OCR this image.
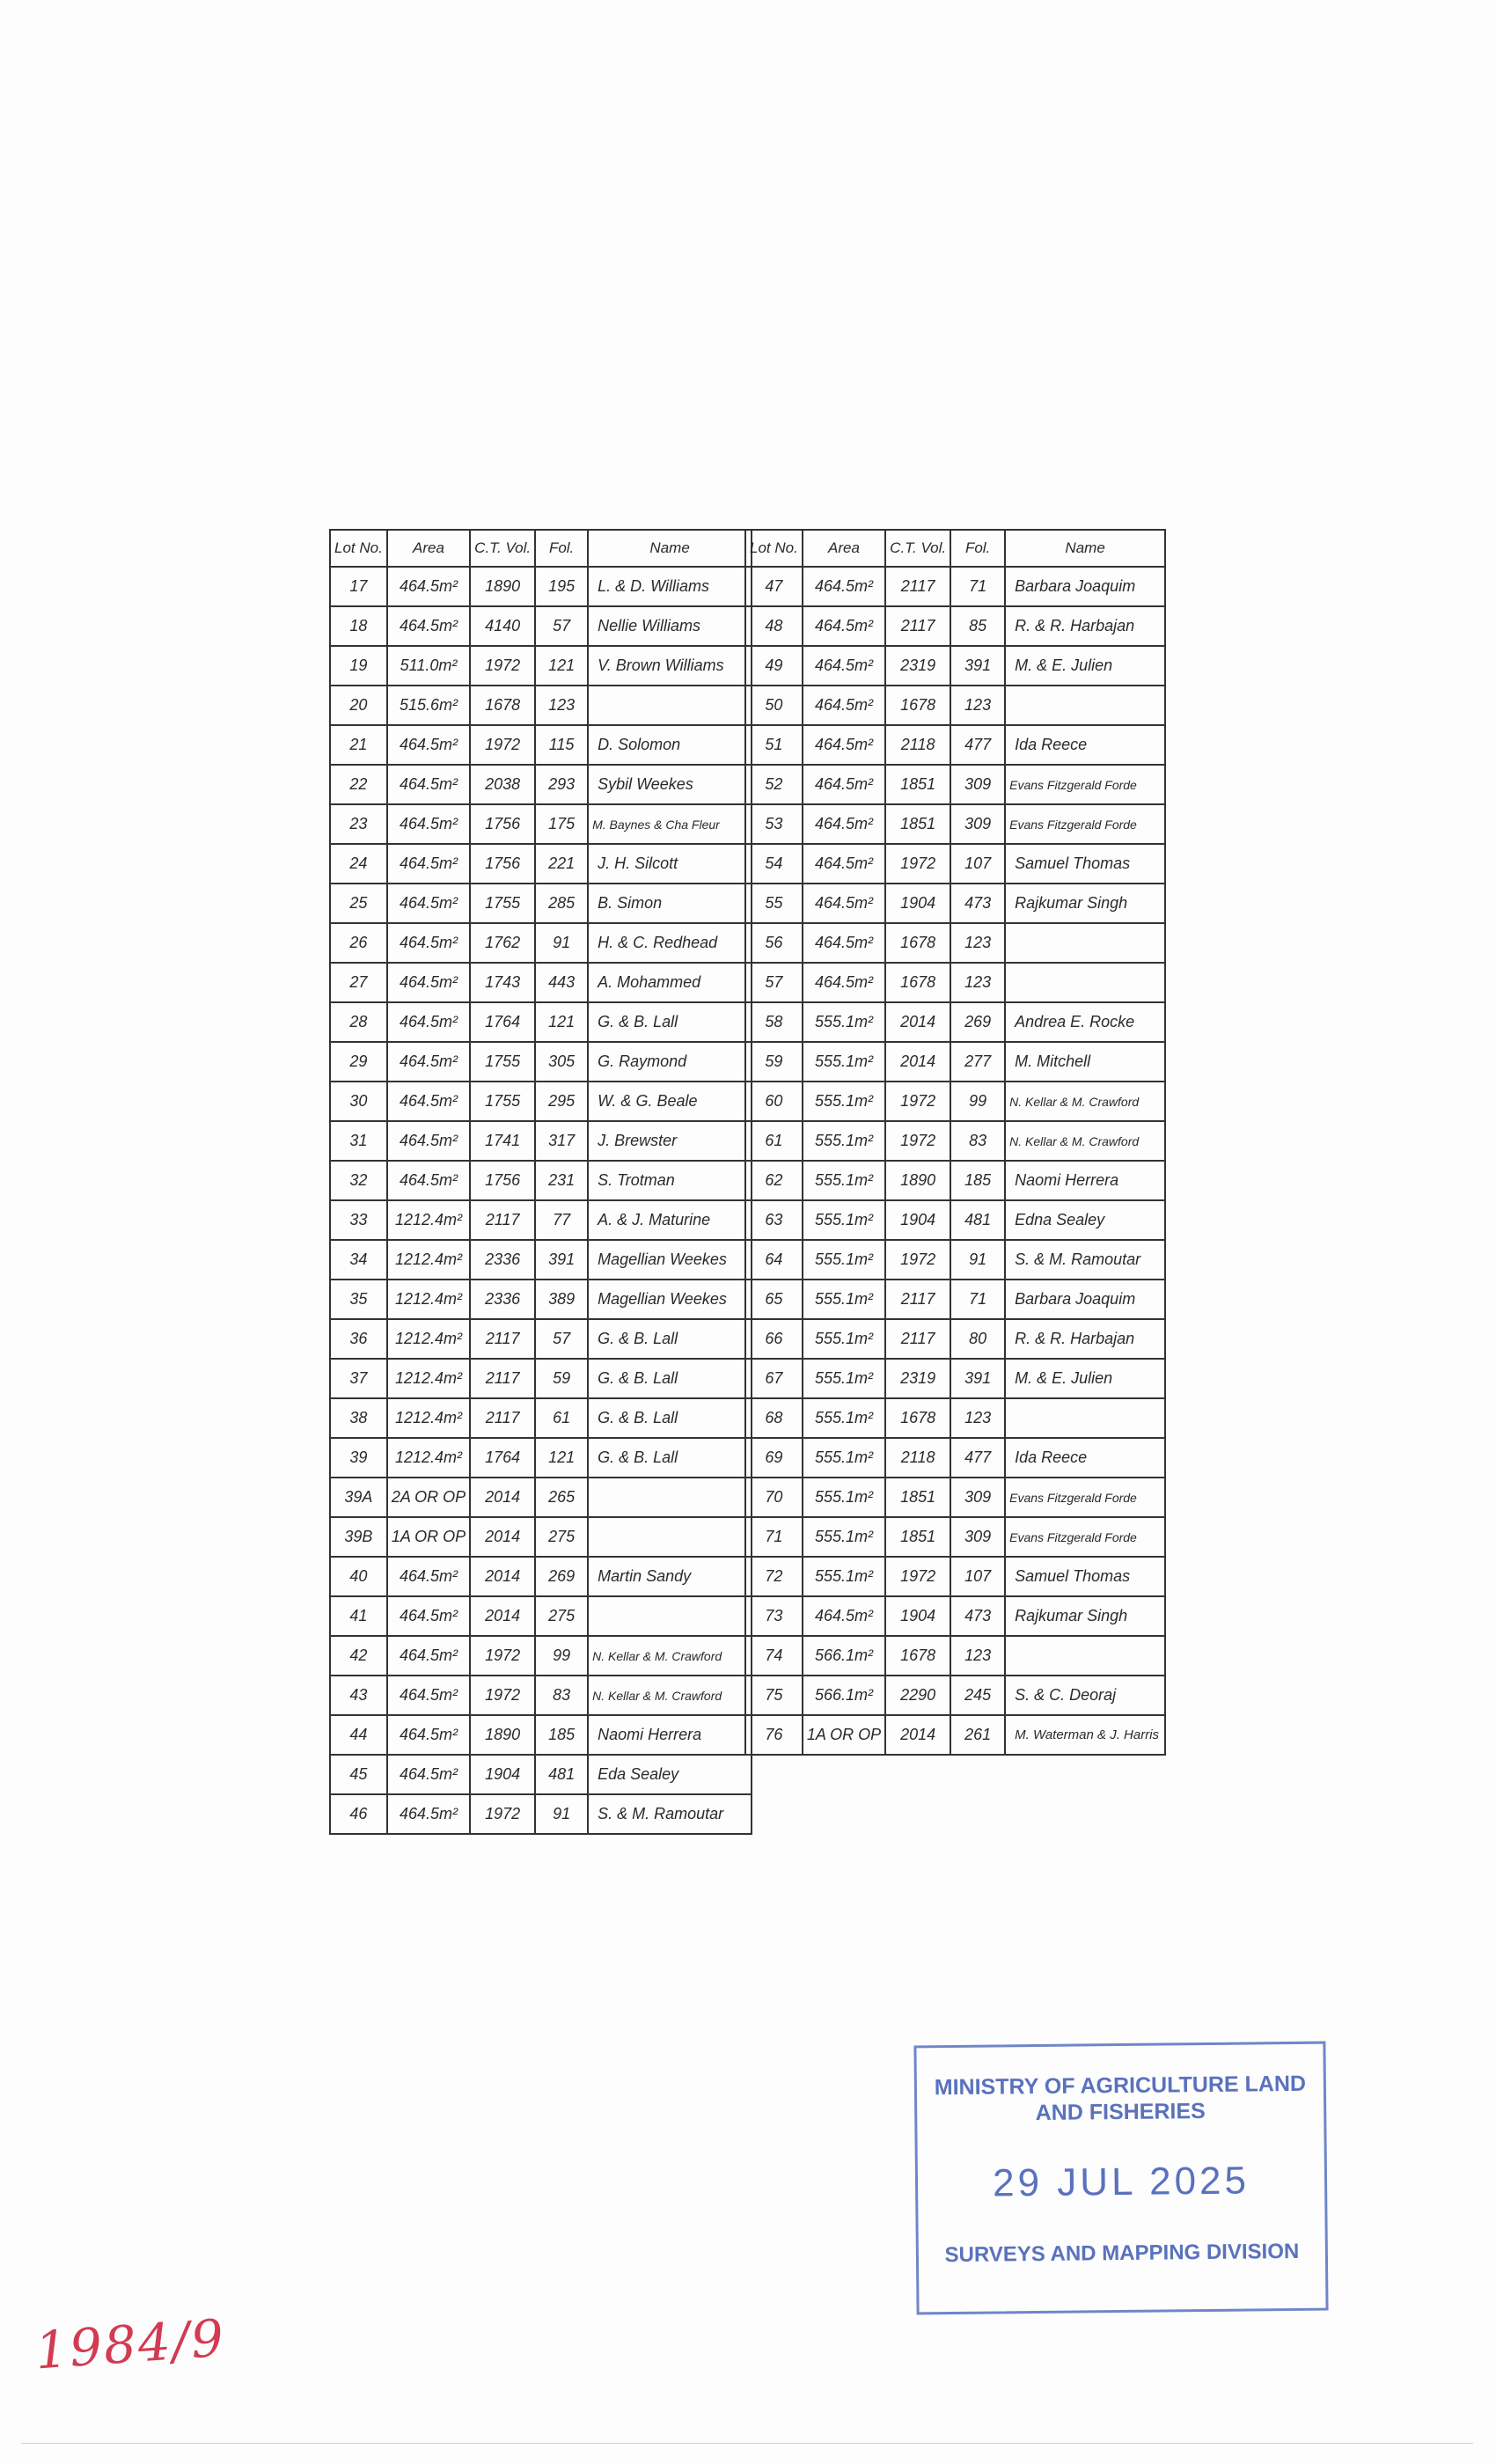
Lot No.	Area	C.T. Vol.	Fol.	Name
17	464.5m²	1890	195	L. & D. Williams
18	464.5m²	4140	57	Nellie Williams
19	511.0m²	1972	121	V. Brown Williams
20	515.6m²	1678	123	
21	464.5m²	1972	115	D. Solomon
22	464.5m²	2038	293	Sybil Weekes
23	464.5m²	1756	175	M. Baynes & Cha Fleur
24	464.5m²	1756	221	J. H. Silcott
25	464.5m²	1755	285	B. Simon
26	464.5m²	1762	91	H. & C. Redhead
27	464.5m²	1743	443	A. Mohammed
28	464.5m²	1764	121	G. & B. Lall
29	464.5m²	1755	305	G. Raymond
30	464.5m²	1755	295	W. & G. Beale
31	464.5m²	1741	317	J. Brewster
32	464.5m²	1756	231	S. Trotman
33	1212.4m²	2117	77	A. & J. Maturine
34	1212.4m²	2336	391	Magellian Weekes
35	1212.4m²	2336	389	Magellian Weekes
36	1212.4m²	2117	57	G. & B. Lall
37	1212.4m²	2117	59	G. & B. Lall
38	1212.4m²	2117	61	G. & B. Lall
39	1212.4m²	1764	121	G. & B. Lall
39A	2A OR OP	2014	265	
39B	1A OR OP	2014	275	
40	464.5m²	2014	269	Martin Sandy
41	464.5m²	2014	275	
42	464.5m²	1972	99	N. Kellar & M. Crawford
43	464.5m²	1972	83	N. Kellar & M. Crawford
44	464.5m²	1890	185	Naomi Herrera
45	464.5m²	1904	481	Eda Sealey
46	464.5m²	1972	91	S. & M. Ramoutar
Lot No.	Area	C.T. Vol.	Fol.	Name
47	464.5m²	2117	71	Barbara Joaquim
48	464.5m²	2117	85	R. & R. Harbajan
49	464.5m²	2319	391	M. & E. Julien
50	464.5m²	1678	123	
51	464.5m²	2118	477	Ida Reece
52	464.5m²	1851	309	Evans Fitzgerald Forde
53	464.5m²	1851	309	Evans Fitzgerald Forde
54	464.5m²	1972	107	Samuel Thomas
55	464.5m²	1904	473	Rajkumar Singh
56	464.5m²	1678	123	
57	464.5m²	1678	123	
58	555.1m²	2014	269	Andrea E. Rocke
59	555.1m²	2014	277	M. Mitchell
60	555.1m²	1972	99	N. Kellar & M. Crawford
61	555.1m²	1972	83	N. Kellar & M. Crawford
62	555.1m²	1890	185	Naomi Herrera
63	555.1m²	1904	481	Edna Sealey
64	555.1m²	1972	91	S. & M. Ramoutar
65	555.1m²	2117	71	Barbara Joaquim
66	555.1m²	2117	80	R. & R. Harbajan
67	555.1m²	2319	391	M. & E. Julien
68	555.1m²	1678	123	
69	555.1m²	2118	477	Ida Reece
70	555.1m²	1851	309	Evans Fitzgerald Forde
71	555.1m²	1851	309	Evans Fitzgerald Forde
72	555.1m²	1972	107	Samuel Thomas
73	464.5m²	1904	473	Rajkumar Singh
74	566.1m²	1678	123	
75	566.1m²	2290	245	S. & C. Deoraj
76	1A OR OP	2014	261	M. Waterman & J. Harris
MINISTRY OF AGRICULTURE LAND AND FISHERIES
29 JUL 2025
SURVEYS AND MAPPING DIVISION
1984/9
